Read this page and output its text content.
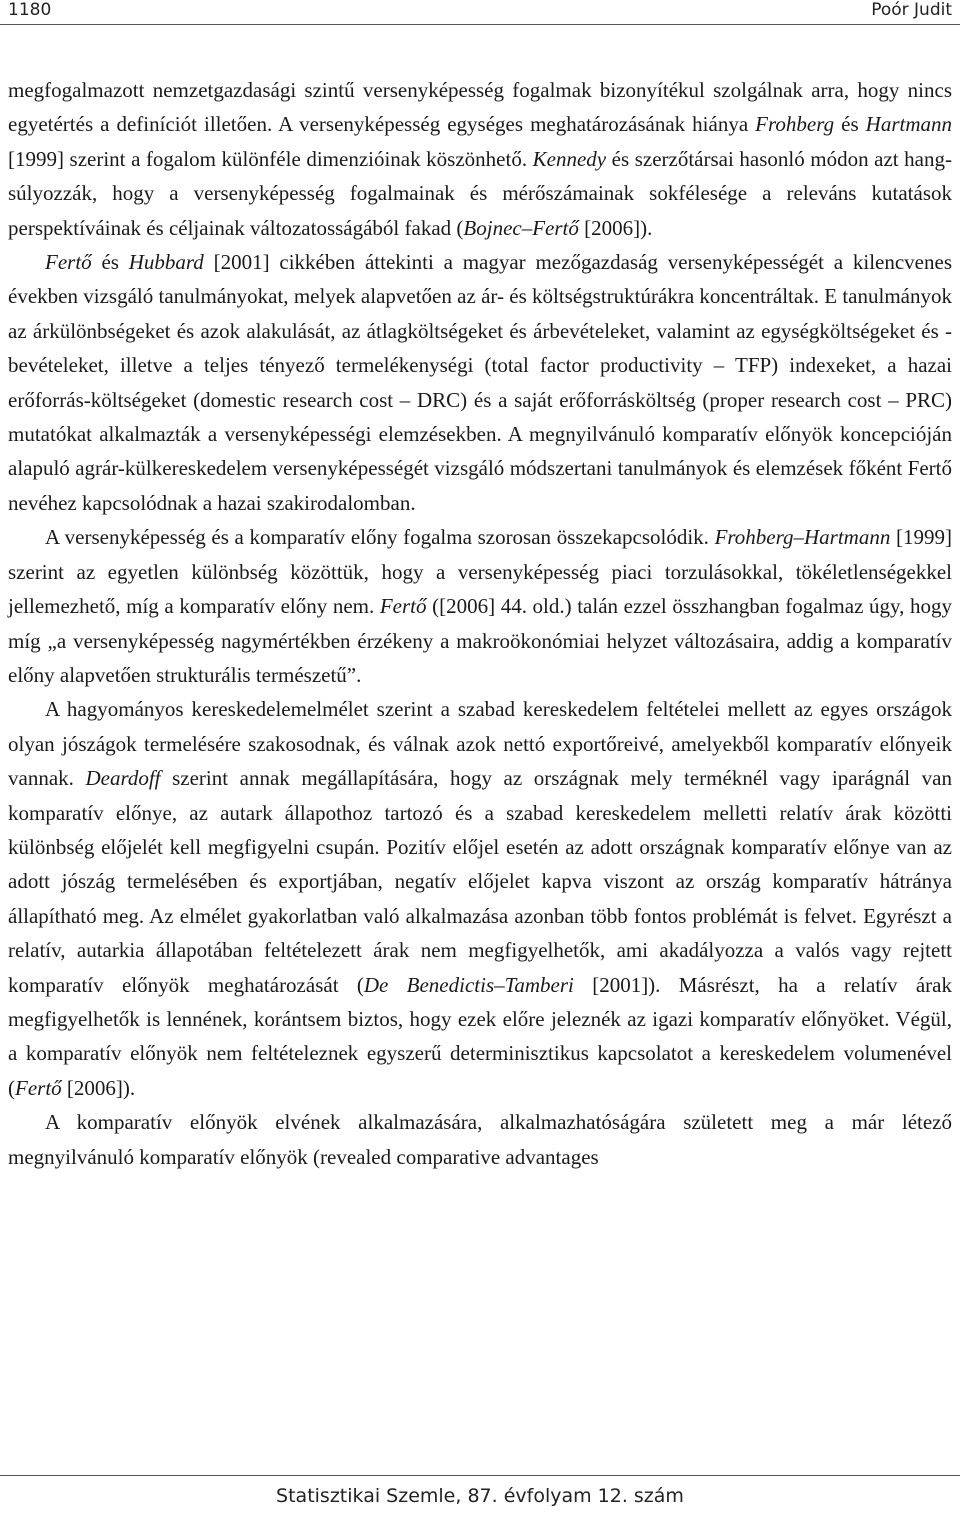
1180	Poór Judit

megfogalmazott nemzetgazdasági szintű versenyképesség fogalmak bizonyítékul szolgálnak arra, hogy nincs egyetértés a definíciót illetően. A versenyképesség egységes meghatározásának hiánya Frohberg és Hartmann [1999] szerint a fogalom különféle dimenzióinak köszönhető. Kennedy és szerzőtársai hasonló módon azt hangsúlyozzák, hogy a versenyképesség fogalmainak és mérőszámainak sokfélesége a releváns kutatások perspektíváinak és céljainak változatosságából fakad (Bojnec–Fertő [2006]).

Fertő és Hubbard [2001] cikkében áttekinti a magyar mezőgazdaság versenyképességét a kilencvenes években vizsgáló tanulmányokat, melyek alapvetően az ár- és költségstruktúrákra koncentráltak. E tanulmányok az árkülönbségeket és azok alakulását, az átlagköltségeket és árbevételeket, valamint az egységköltségeket és -bevételeket, illetve a teljes tényező termelékenységi (total factor productivity – TFP) indexeket, a hazai erőforrás-költségeket (domestic research cost – DRC) és a saját erőforrásköltség (proper research cost – PRC) mutatókat alkalmazták a versenyképességi elemzésekben. A megnyilvánuló komparatív előnyök koncepcióján alapuló agrár-külkereskedelem versenyképességét vizsgáló módszertani tanulmányok és elemzések főként Fertő nevéhez kapcsolódnak a hazai szakirodalomban.

A versenyképesség és a komparatív előny fogalma szorosan összekapcsolódik. Frohberg–Hartmann [1999] szerint az egyetlen különbség közöttük, hogy a versenyképesség piaci torzulásokkal, tökéletlenségekkel jellemezhető, míg a komparatív előny nem. Fertő ([2006] 44. old.) talán ezzel összhangban fogalmaz úgy, hogy míg „a versenyképesség nagymértékben érzékeny a makroökonómiai helyzet változásaira, addig a komparatív előny alapvetően strukturális természetű”.

A hagyományos kereskedelemelmélet szerint a szabad kereskedelem feltételei mellett az egyes országok olyan jószágok termelésére szakosodnak, és válnak azok nettó exportőreivé, amelyekből komparatív előnyeik vannak. Deardoff szerint annak megállapítására, hogy az országnak mely terméknél vagy iparágnál van komparatív előnye, az autark állapothoz tartozó és a szabad kereskedelem melletti relatív árak közötti különbség előjelét kell megfigyelni csupán. Pozitív előjel esetén az adott országnak komparatív előnye van az adott jószág termelésében és exportjában, negatív előjelet kapva viszont az ország komparatív hátránya állapítható meg. Az elmélet gyakorlatban való alkalmazása azonban több fontos problémát is felvet. Egyrészt a relatív, autarkia állapotában feltételezett árak nem megfigyelhetők, ami akadályozza a valós vagy rejtett komparatív előnyök meghatározását (De Benedictis–Tamberi [2001]). Másrészt, ha a relatív árak megfigyelhetők is lennének, korántsem biztos, hogy ezek előre jeleznék az igazi komparatív előnyöket. Végül, a komparatív előnyök nem feltételeznek egyszerű determinisztikus kapcsolatot a kereskedelem volumenével (Fertő [2006]).

A komparatív előnyök elvének alkalmazására, alkalmazhatóságára született meg a már létező megnyilvánuló komparatív előnyök (revealed comparative advantages

Statisztikai Szemle, 87. évfolyam 12. szám
